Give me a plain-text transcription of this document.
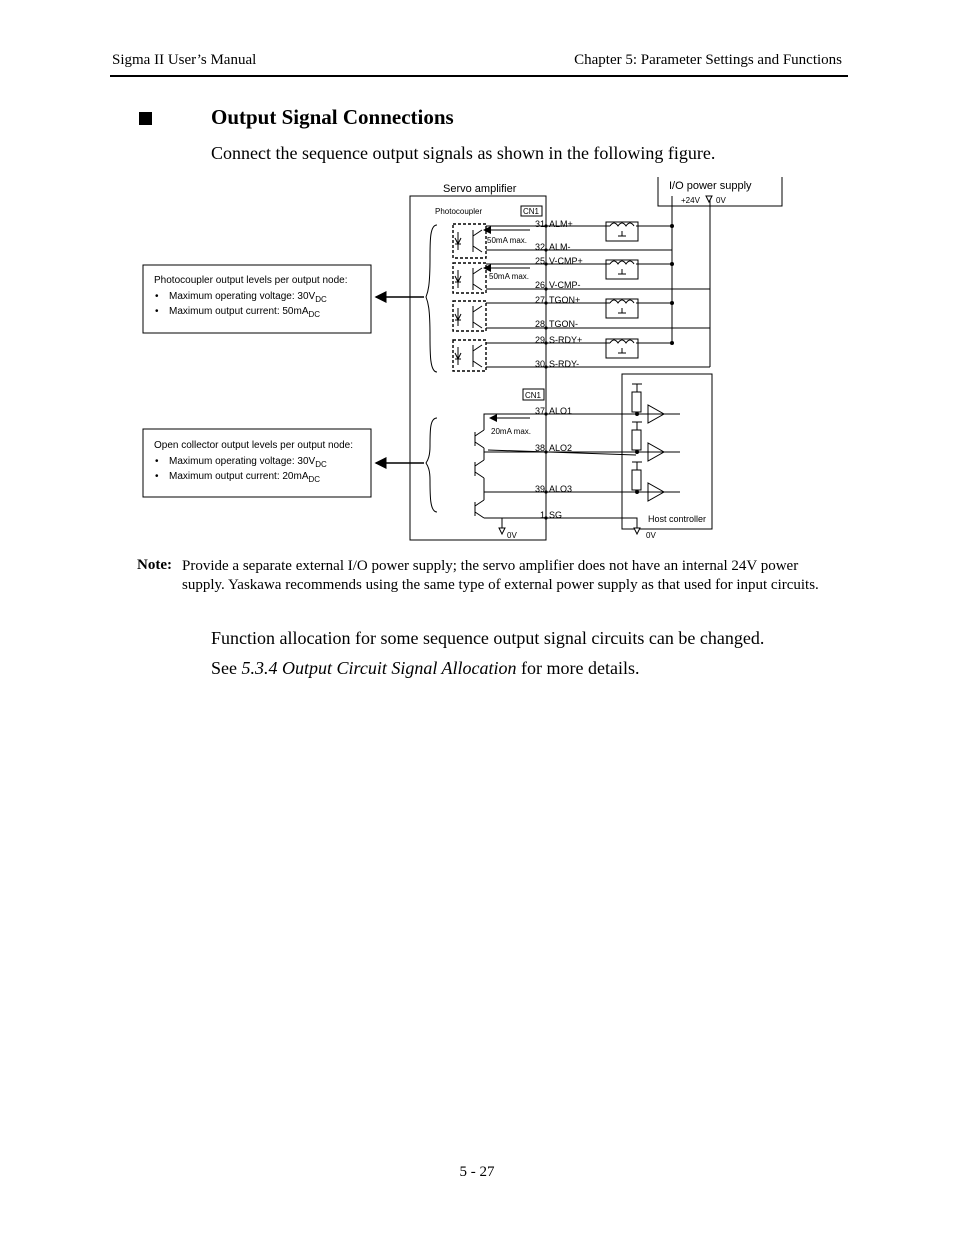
Sigma II User’s Manual	Chapter 5: Parameter Settings and Functions
Output Signal Connections
Connect the sequence output signals as shown in the following figure.
Servo amplifier	I/O power supply
Host controller
Photocoupler	CN1
CN1
+24V 0V
0V	0V
50mA max.
50mA max.
20mA max.
31 ALM+
32 ALM-
25 V-CMP+
26 V-CMP-
27 TGON+
28 TGON-
29 S-RDY+
30 S-RDY-
37 ALO1
38 ALO2
39 ALO3
1 SG
Photocoupler output levels per output node:
• Maximum operating voltage: $30V_{DC}$
• Maximum output current: $50mA_{DC}$
Open collector output levels per output node:
• Maximum operating voltage: $30V_{DC}$
• Maximum output current: $20mA_{DC}$
Note: Provide a separate external I/O power supply; the servo amplifier does not have an internal 24V power supply. Yaskawa recommends using the same type of external power supply as that used for input circuits.
Function allocation for some sequence output signal circuits can be changed.
See 5.3.4 Output Circuit Signal Allocation for more details.
5 - 27
